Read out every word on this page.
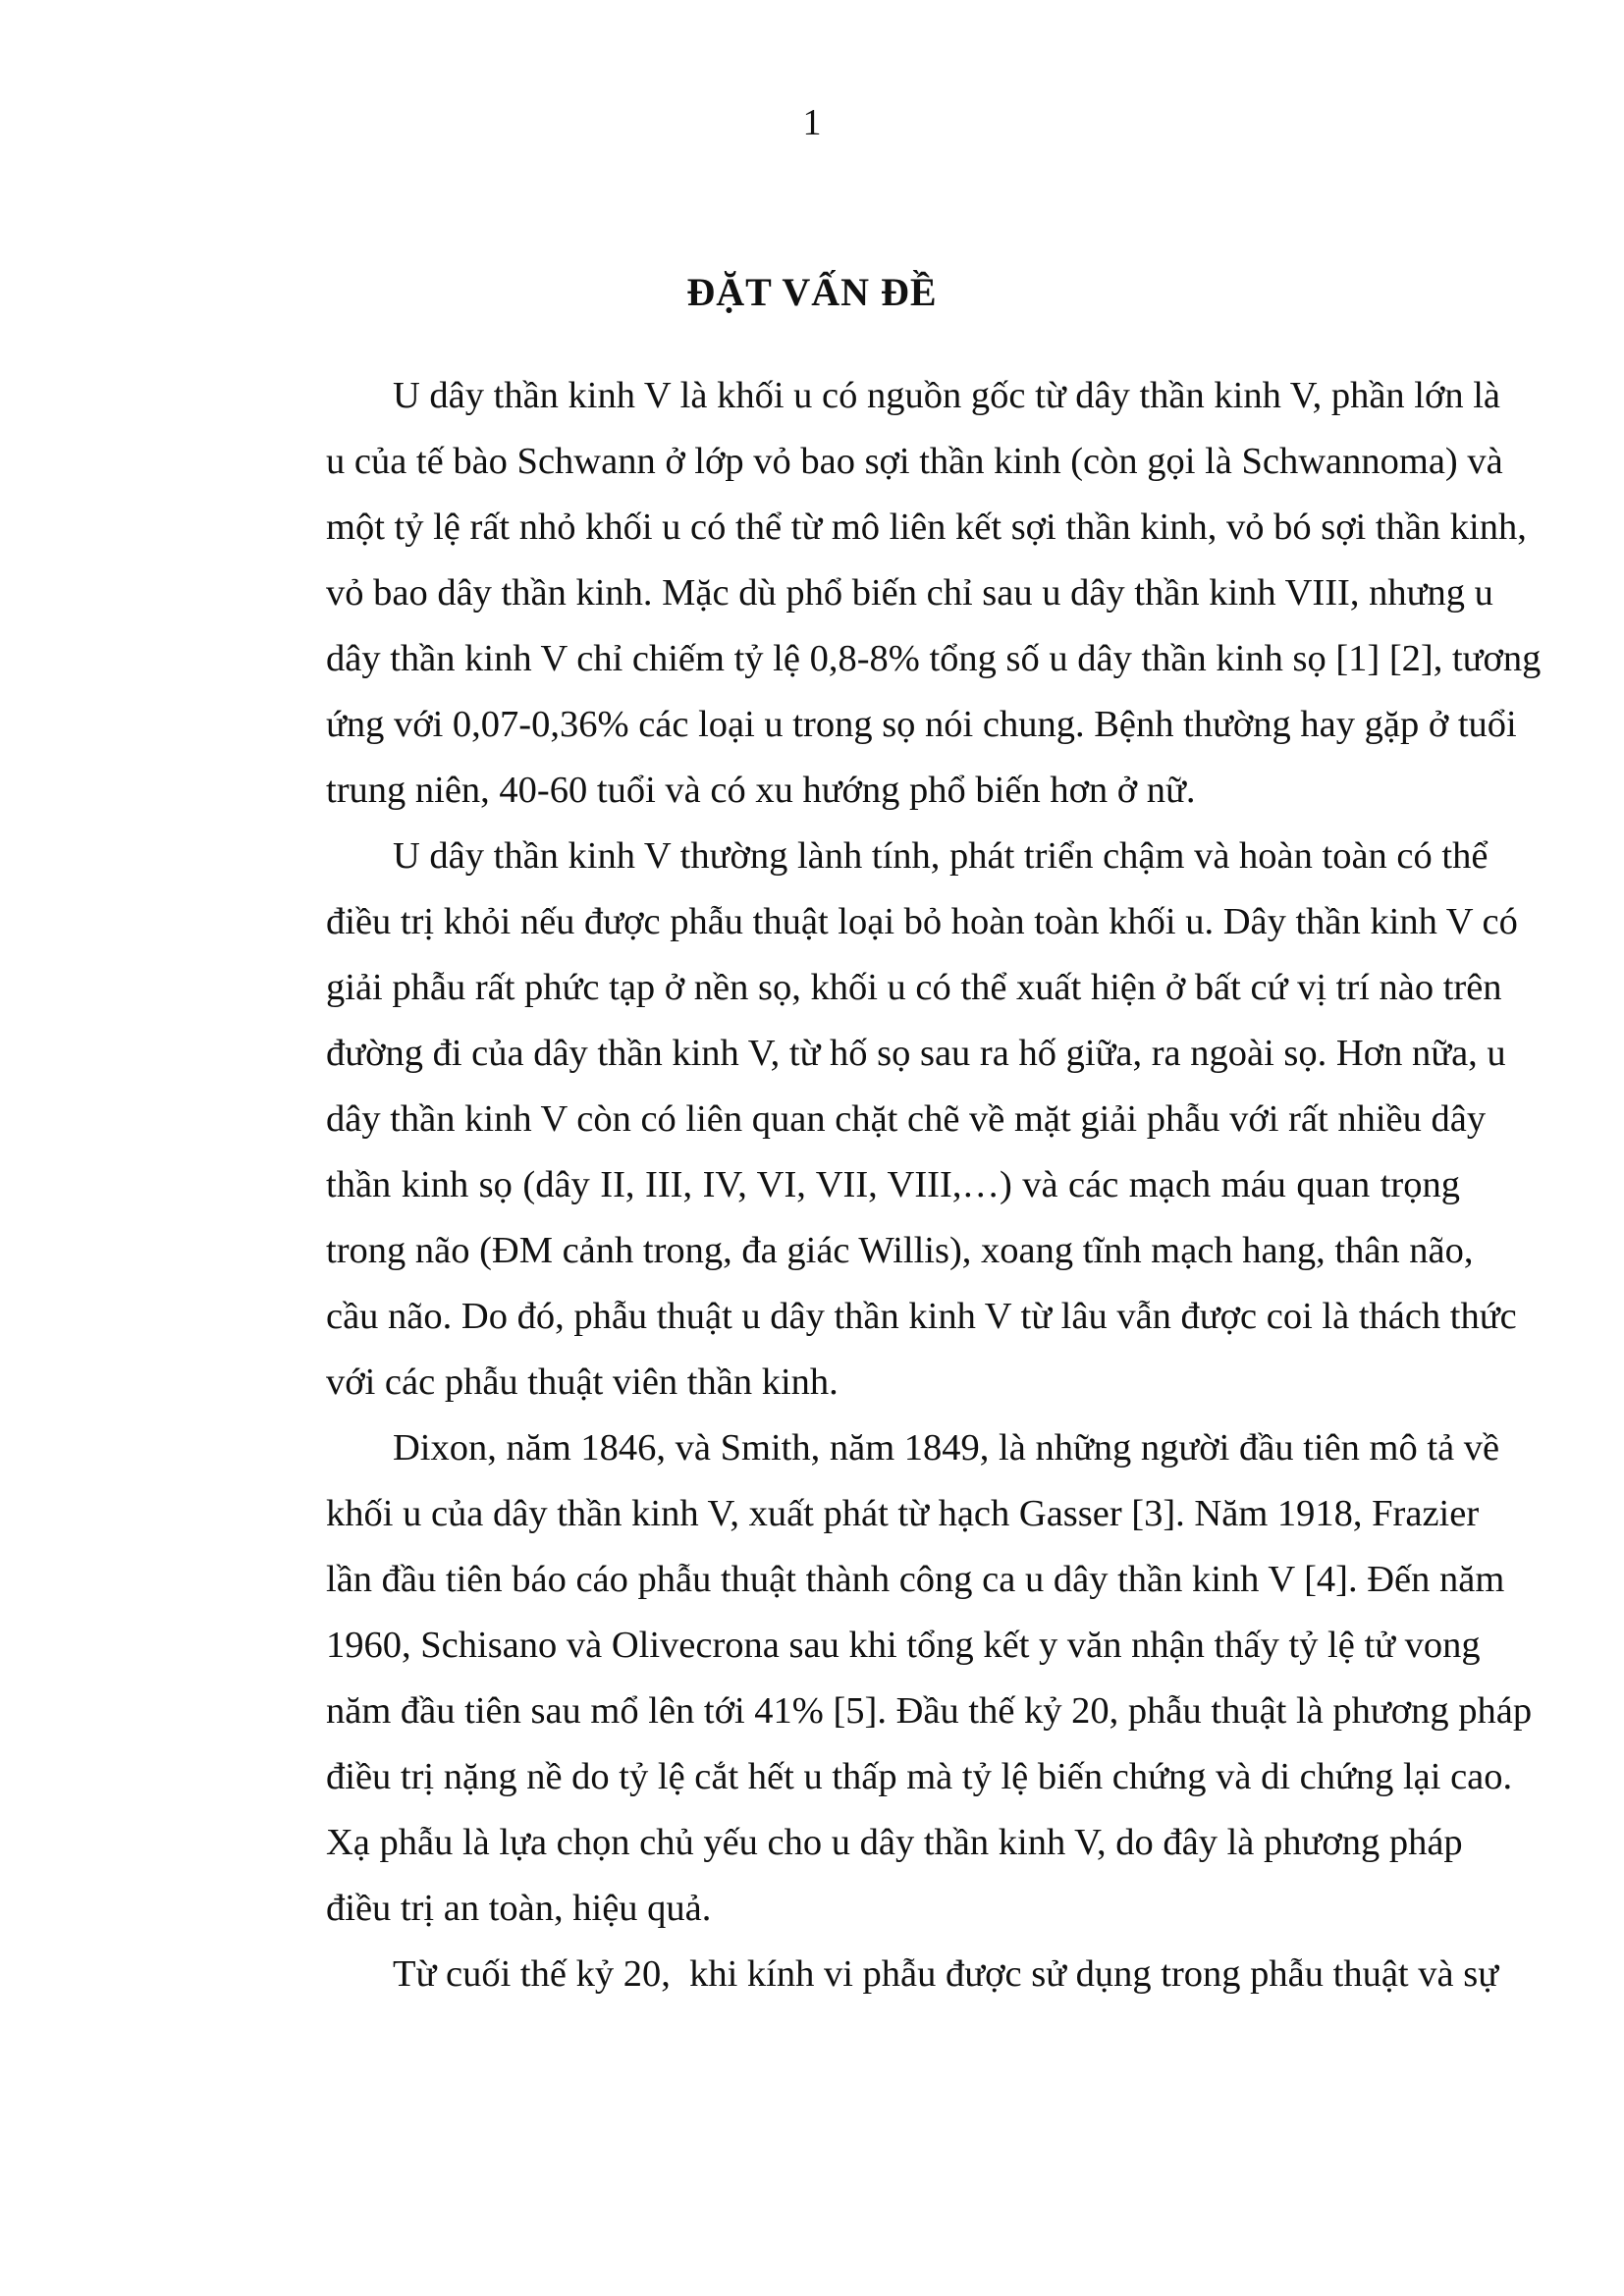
1
ĐẶT VẤN ĐỀ
U dây thần kinh V là khối u có nguồn gốc từ dây thần kinh V, phần lớn là
u của tế bào Schwann ở lớp vỏ bao sợi thần kinh (còn gọi là Schwannoma) và
một tỷ lệ rất nhỏ khối u có thể từ mô liên kết sợi thần kinh, vỏ bó sợi thần kinh,
vỏ bao dây thần kinh. Mặc dù phổ biến chỉ sau u dây thần kinh VIII, nhưng u
dây thần kinh V chỉ chiếm tỷ lệ 0,8-8% tổng số u dây thần kinh sọ [1] [2], tương
ứng với 0,07-0,36% các loại u trong sọ nói chung. Bệnh thường hay gặp ở tuổi
trung niên, 40-60 tuổi và có xu hướng phổ biến hơn ở nữ.
U dây thần kinh V thường lành tính, phát triển chậm và hoàn toàn có thể
điều trị khỏi nếu được phẫu thuật loại bỏ hoàn toàn khối u. Dây thần kinh V có
giải phẫu rất phức tạp ở nền sọ, khối u có thể xuất hiện ở bất cứ vị trí nào trên
đường đi của dây thần kinh V, từ hố sọ sau ra hố giữa, ra ngoài sọ. Hơn nữa, u
dây thần kinh V còn có liên quan chặt chẽ về mặt giải phẫu với rất nhiều dây
thần kinh sọ (dây II, III, IV, VI, VII, VIII,…) và các mạch máu quan trọng
trong não (ĐM cảnh trong, đa giác Willis), xoang tĩnh mạch hang, thân não,
cầu não. Do đó, phẫu thuật u dây thần kinh V từ lâu vẫn được coi là thách thức
với các phẫu thuật viên thần kinh.
Dixon, năm 1846, và Smith, năm 1849, là những người đầu tiên mô tả về
khối u của dây thần kinh V, xuất phát từ hạch Gasser [3]. Năm 1918, Frazier
lần đầu tiên báo cáo phẫu thuật thành công ca u dây thần kinh V [4]. Đến năm
1960, Schisano và Olivecrona sau khi tổng kết y văn nhận thấy tỷ lệ tử vong
năm đầu tiên sau mổ lên tới 41% [5]. Đầu thế kỷ 20, phẫu thuật là phương pháp
điều trị nặng nề do tỷ lệ cắt hết u thấp mà tỷ lệ biến chứng và di chứng lại cao.
Xạ phẫu là lựa chọn chủ yếu cho u dây thần kinh V, do đây là phương pháp
điều trị an toàn, hiệu quả.
Từ cuối thế kỷ 20,  khi kính vi phẫu được sử dụng trong phẫu thuật và sự
